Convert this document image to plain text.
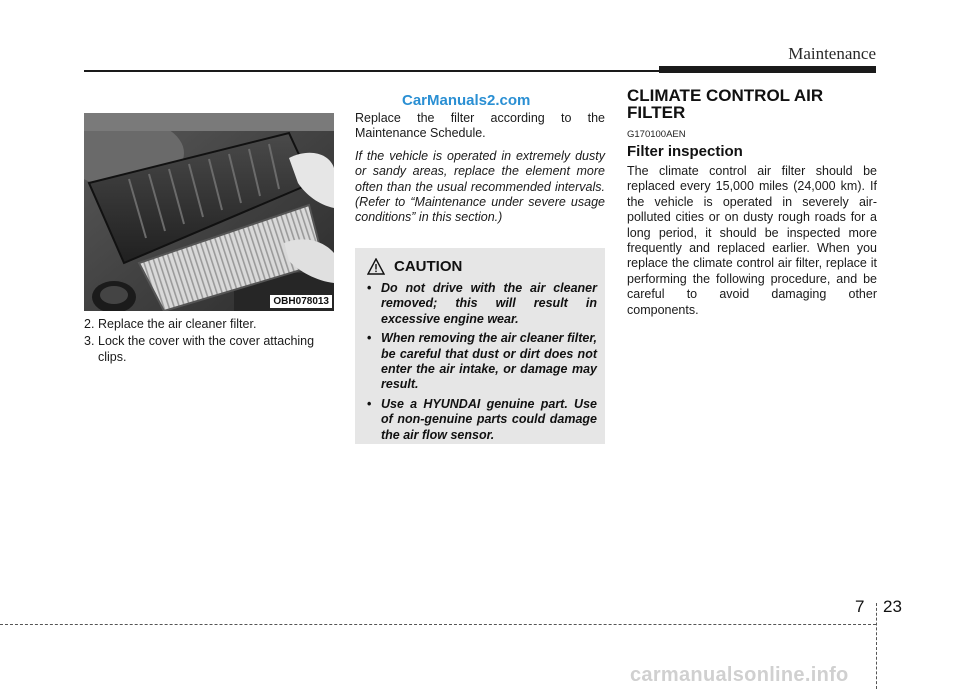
Maintenance
OBH078013
CarManuals2.com
2. Replace the air cleaner filter.
3. Lock the cover with the cover attaching clips.

Replace the filter according to the Maintenance Schedule.

If the vehicle is operated in extremely dusty or sandy areas, replace the element more often than the usual recommended intervals. (Refer to “Maintenance under severe usage conditions” in this section.)

CAUTION
• Do not drive with the air cleaner removed; this will result in excessive engine wear.
• When removing the air cleaner filter, be careful that dust or dirt does not enter the air intake, or damage may result.
• Use a HYUNDAI genuine part. Use of non-genuine parts could damage the air flow sensor.
CLIMATE CONTROL AIR FILTER
G170100AEN
Filter inspection
The climate control air filter should be replaced every 15,000 miles (24,000 km). If the vehicle is operated in severely air-polluted cities or on dusty rough roads for a long period, it should be inspected more frequently and replaced earlier. When you replace the climate control air filter, replace it performing the following procedure, and be careful to avoid damaging other components.
7 23
carmanualsonline.info
